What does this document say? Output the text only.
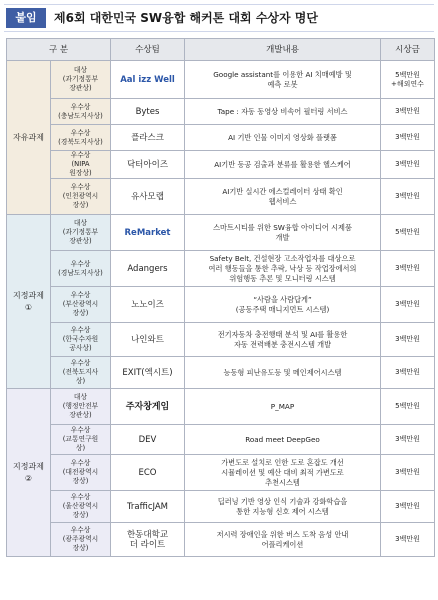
붙임	제6회 대한민국 SW융합 해커톤 대회 수상자 명단
구 분		수상팀	개발내용	시상금
자유과제	대상
(과기정통부
장관상)	Aal izz Well	Google assistant를 이용한 AI 치매예방 및
예측 로봇	5백만원
+해외연수
	우수상
(충남도지사상)	Bytes	Tape : 자동 동영상 비속어 필터링 서비스	3백만원
	우수상
(경북도지사상)	플라스크	AI 기반 인물 이미지 영상화 플랫폼	3백만원
	우수상
(NIPA
원장상)	닥터아이즈	AI기반 동공 검출과 분류를 활용한 헬스케어	3백만원
	우수상
(인천광역시
장상)	유사모랩	AI기반 실시간 에스컬레이터 상태 확인
웹서비스	3백만원
지정과제
①	대상
(과기정통부
장관상)	ReMarket	스마트시티를 위한 SW융합 아이디어 시제품
개발	5백만원
	우수상
(경남도지사상)	Adangers	Safety Belt, 건설현장 고소작업자를 대상으로
여러 행동들을 통한 추락, 낙상 등 작업장에서의
위험행동 추론 및 모니터링 시스템	3백만원
	우수상
(부산광역시
장상)	노노이즈	“사람을 사람답게”
(공동주택 매니지먼트 시스템)	3백만원
	우수상
(한국수자원
공사상)	나인와트	전기자동차 충전행태 분석 및 AI를 활용한
자동 전력배분 충전시스템 개발	3백만원
	우수상
(전북도지사
상)	EXIT(엑시트)	능동형 피난유도등 및 메인제어시스템	3백만원
지정과제
②	대상
(행정안전부
장관상)	주자창게임	P_MAP	5백만원
	우수상
(교통연구원
상)	DEV	Road meet DeepGeo	3백만원
	우수상
(대전광역시
장상)	ECO	가변도로 설치로 인한 도로 혼잡도 개선
시뮬레이션 및 예산 대비 최적 가변도로
추천시스템	3백만원
	우수상
(울산광역시
장상)	TrafficJAM	딥러닝 기반 영상 인식 기술과 강화학습을
통한 지능형 신호 제어 시스템	3백만원
	우수상
(광주광역시
장상)	한동대학교
더 라이트	저시력 장애인을 위한 버스 도착 음성 안내
어플리케이션	3백만원
